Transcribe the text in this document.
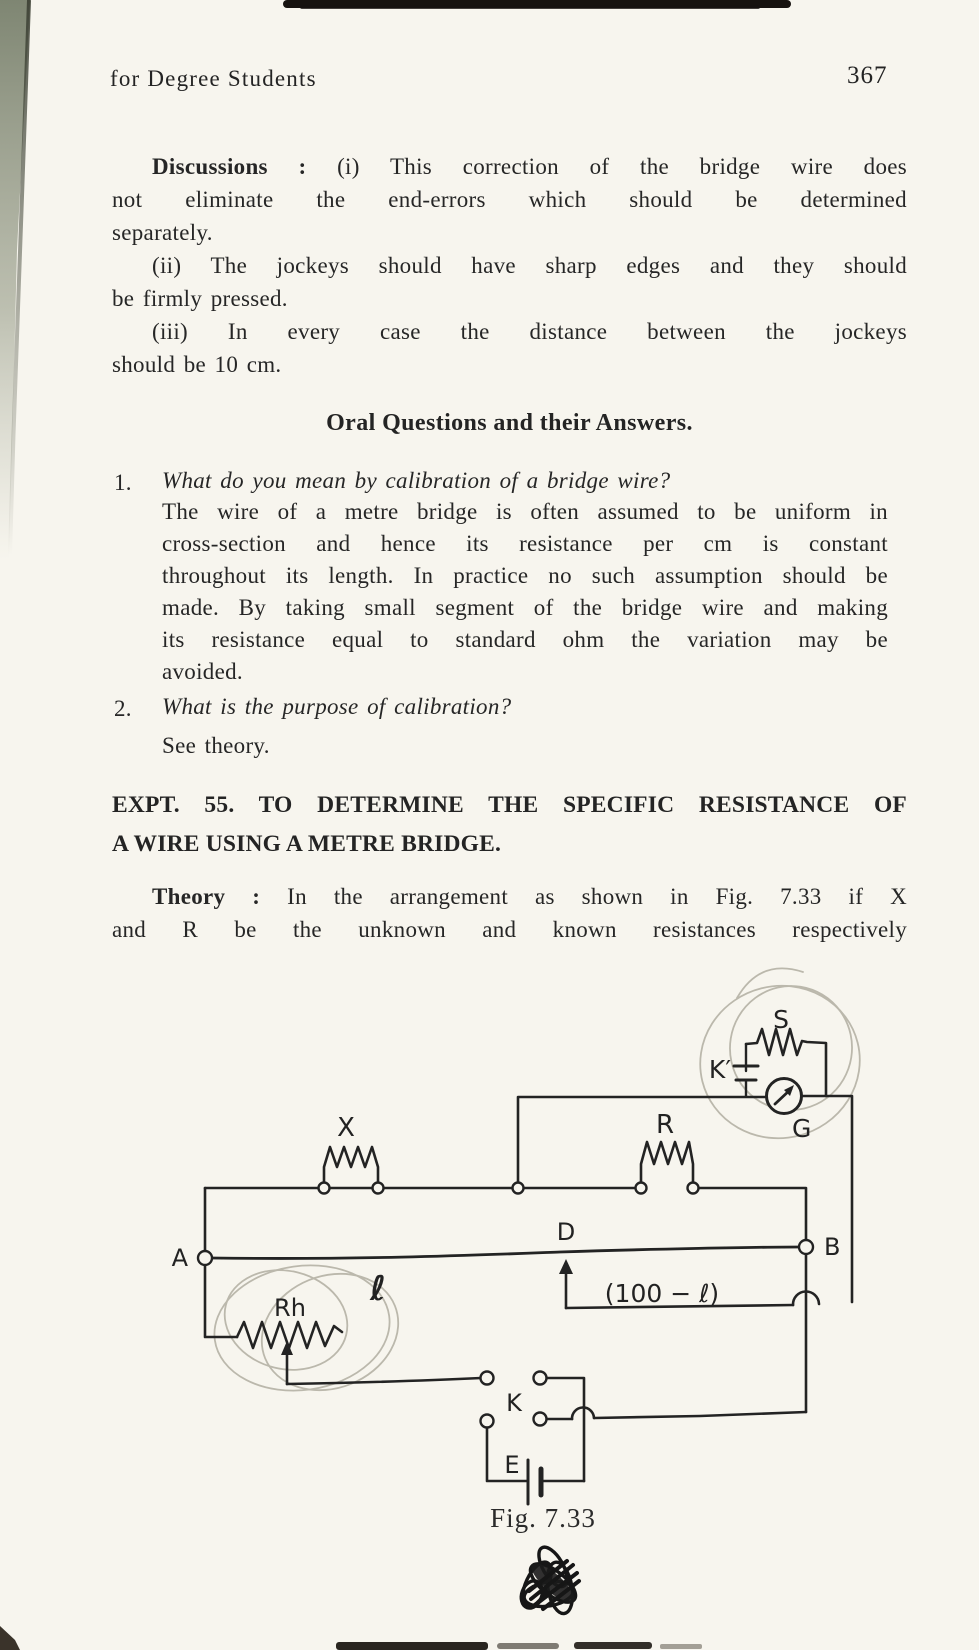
S
K′
G
X	R
A	B
D
ℓ	(100 − ℓ)
Rh
K
E
for Degree Students	367
Discussions : (i) This correction of the bridge wire does
not eliminate the end-errors which should be determined
separately.
(ii) The jockeys should have sharp edges and they should
be firmly pressed.
(iii) In every case the distance between the jockeys
should be 10 cm.
Oral Questions and their Answers.
1. What do you mean by calibration of a bridge wire?
The wire of a metre bridge is often assumed to be uniform in
cross-section and hence its resistance per cm is constant
throughout its length. In practice no such assumption should be
made. By taking small segment of the bridge wire and making
its resistance equal to standard ohm the variation may be
avoided.
2. What is the purpose of calibration?
See theory.
EXPT. 55. TO DETERMINE THE SPECIFIC RESISTANCE OF
A WIRE USING A METRE BRIDGE.
Theory : In the arrangement as shown in Fig. 7.33 if X
and R be the unknown and known resistances respectively
Fig. 7.33
